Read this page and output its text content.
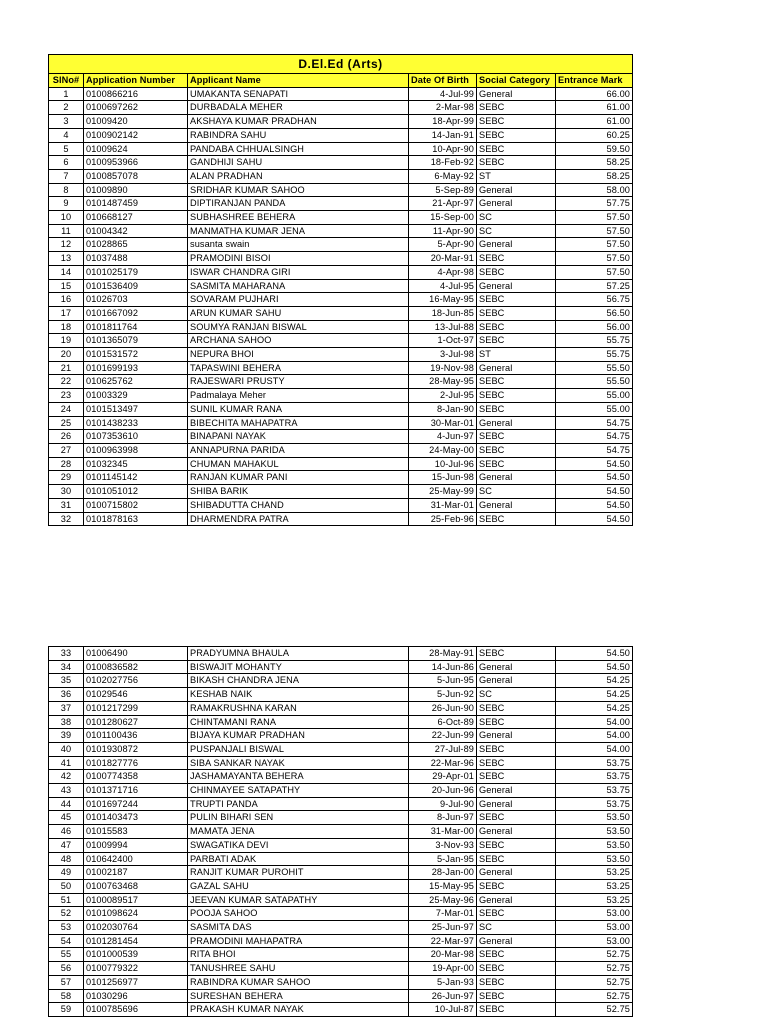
D.El.Ed (Arts)					
SlNo#	Application Number	Applicant Name	Date Of Birth	Social Category	Entrance Mark
1	0100866216	UMAKANTA SENAPATI	4-Jul-99	General	66.00
2	0100697262	DURBADALA MEHER	2-Mar-98	SEBC	61.00
3	01009420	AKSHAYA KUMAR PRADHAN	18-Apr-99	SEBC	61.00
4	0100902142	RABINDRA SAHU	14-Jan-91	SEBC	60.25
5	01009624	PANDABA CHHUALSINGH	10-Apr-90	SEBC	59.50
6	0100953966	GANDHIJI SAHU	18-Feb-92	SEBC	58.25
7	0100857078	ALAN PRADHAN	6-May-92	ST	58.25
8	01009890	SRIDHAR KUMAR SAHOO	5-Sep-89	General	58.00
9	0101487459	DIPTIRANJAN PANDA	21-Apr-97	General	57.75
10	010668127	SUBHASHREE BEHERA	15-Sep-00	SC	57.50
11	01004342	MANMATHA KUMAR JENA	11-Apr-90	SC	57.50
12	01028865	susanta swain	5-Apr-90	General	57.50
13	01037488	PRAMODINI BISOI	20-Mar-91	SEBC	57.50
14	0101025179	ISWAR CHANDRA GIRI	4-Apr-98	SEBC	57.50
15	0101536409	SASMITA MAHARANA	4-Jul-95	General	57.25
16	01026703	SOVARAM PUJHARI	16-May-95	SEBC	56.75
17	0101667092	ARUN KUMAR SAHU	18-Jun-85	SEBC	56.50
18	0101811764	SOUMYA RANJAN BISWAL	13-Jul-88	SEBC	56.00
19	0101365079	ARCHANA SAHOO	1-Oct-97	SEBC	55.75
20	0101531572	NEPURA BHOI	3-Jul-98	ST	55.75
21	0101699193	TAPASWINI BEHERA	19-Nov-98	General	55.50
22	010625762	RAJESWARI PRUSTY	28-May-95	SEBC	55.50
23	01003329	Padmalaya Meher	2-Jul-95	SEBC	55.00
24	0101513497	SUNIL KUMAR RANA	8-Jan-90	SEBC	55.00
25	0101438233	BIBECHITA MAHAPATRA	30-Mar-01	General	54.75
26	0107353610	BINAPANI NAYAK	4-Jun-97	SEBC	54.75
27	0100963998	ANNAPURNA PARIDA	24-May-00	SEBC	54.75
28	01032345	CHUMAN MAHAKUL	10-Jul-96	SEBC	54.50
29	0101145142	RANJAN KUMAR PANI	15-Jun-98	General	54.50
30	0101051012	SHIBA BARIK	25-May-99	SC	54.50
31	0100715802	SHIBADUTTA CHAND	31-Mar-01	General	54.50
32	0101878163	DHARMENDRA PATRA	25-Feb-96	SEBC	54.50
33	01006490	PRADYUMNA BHAULA	28-May-91	SEBC	54.50
34	0100836582	BISWAJIT MOHANTY	14-Jun-86	General	54.50
35	0102027756	BIKASH CHANDRA JENA	5-Jun-95	General	54.25
36	01029546	KESHAB NAIK	5-Jun-92	SC	54.25
37	0101217299	RAMAKRUSHNA KARAN	26-Jun-90	SEBC	54.25
38	0101280627	CHINTAMANI RANA	6-Oct-89	SEBC	54.00
39	0101100436	BIJAYA KUMAR PRADHAN	22-Jun-99	General	54.00
40	0101930872	PUSPANJALI BISWAL	27-Jul-89	SEBC	54.00
41	0101827776	SIBA SANKAR NAYAK	22-Mar-96	SEBC	53.75
42	0100774358	JASHAMAYANTA BEHERA	29-Apr-01	SEBC	53.75
43	0101371716	CHINMAYEE SATAPATHY	20-Jun-96	General	53.75
44	0101697244	TRUPTI PANDA	9-Jul-90	General	53.75
45	0101403473	PULIN BIHARI SEN	8-Jun-97	SEBC	53.50
46	01015583	MAMATA JENA	31-Mar-00	General	53.50
47	01009994	SWAGATIKA DEVI	3-Nov-93	SEBC	53.50
48	010642400	PARBATI ADAK	5-Jan-95	SEBC	53.50
49	01002187	RANJIT KUMAR PUROHIT	28-Jan-00	General	53.25
50	0100763468	GAZAL SAHU	15-May-95	SEBC	53.25
51	0100089517	JEEVAN KUMAR SATAPATHY	25-May-96	General	53.25
52	0101098624	POOJA SAHOO	7-Mar-01	SEBC	53.00
53	0102030764	SASMITA DAS	25-Jun-97	SC	53.00
54	0101281454	PRAMODINI MAHAPATRA	22-Mar-97	General	53.00
55	0101000539	RITA BHOI	20-Mar-98	SEBC	52.75
56	0100779322	TANUSHREE SAHU	19-Apr-00	SEBC	52.75
57	0101256977	RABINDRA KUMAR SAHOO	5-Jan-93	SEBC	52.75
58	01030296	SURESHAN BEHERA	26-Jun-97	SEBC	52.75
59	0100785696	PRAKASH KUMAR NAYAK	10-Jul-87	SEBC	52.75
